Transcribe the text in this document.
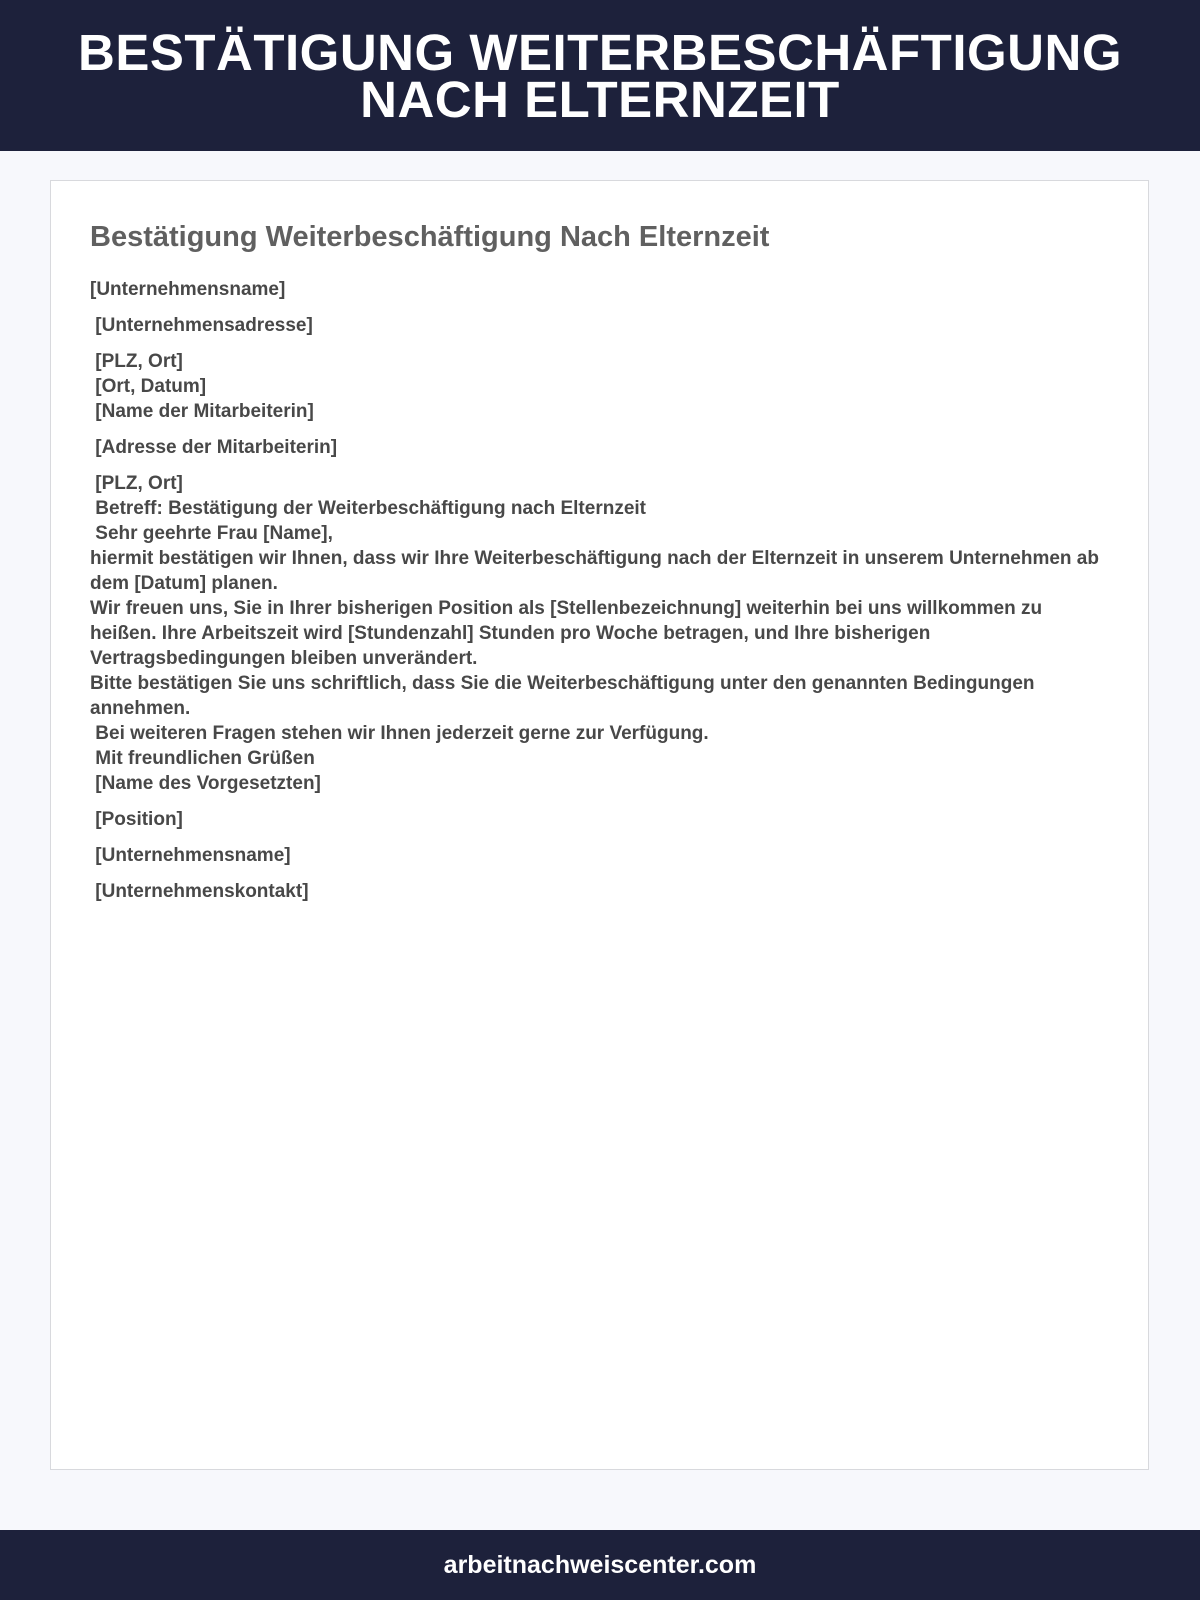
BESTÄTIGUNG WEITERBESCHÄFTIGUNG NACH ELTERNZEIT
Bestätigung Weiterbeschäftigung Nach Elternzeit
[Unternehmensname]
[Unternehmensadresse]
[PLZ, Ort]
[Ort, Datum]
[Name der Mitarbeiterin]
[Adresse der Mitarbeiterin]
[PLZ, Ort]
Betreff: Bestätigung der Weiterbeschäftigung nach Elternzeit
Sehr geehrte Frau [Name],
hiermit bestätigen wir Ihnen, dass wir Ihre Weiterbeschäftigung nach der Elternzeit in unserem Unternehmen ab dem [Datum] planen.
Wir freuen uns, Sie in Ihrer bisherigen Position als [Stellenbezeichnung] weiterhin bei uns willkommen zu heißen. Ihre Arbeitszeit wird [Stundenzahl] Stunden pro Woche betragen, und Ihre bisherigen Vertragsbedingungen bleiben unverändert.
Bitte bestätigen Sie uns schriftlich, dass Sie die Weiterbeschäftigung unter den genannten Bedingungen annehmen.
Bei weiteren Fragen stehen wir Ihnen jederzeit gerne zur Verfügung.
Mit freundlichen Grüßen
[Name des Vorgesetzten]
[Position]
[Unternehmensname]
[Unternehmenskontakt]
arbeitnachweiscenter.com
